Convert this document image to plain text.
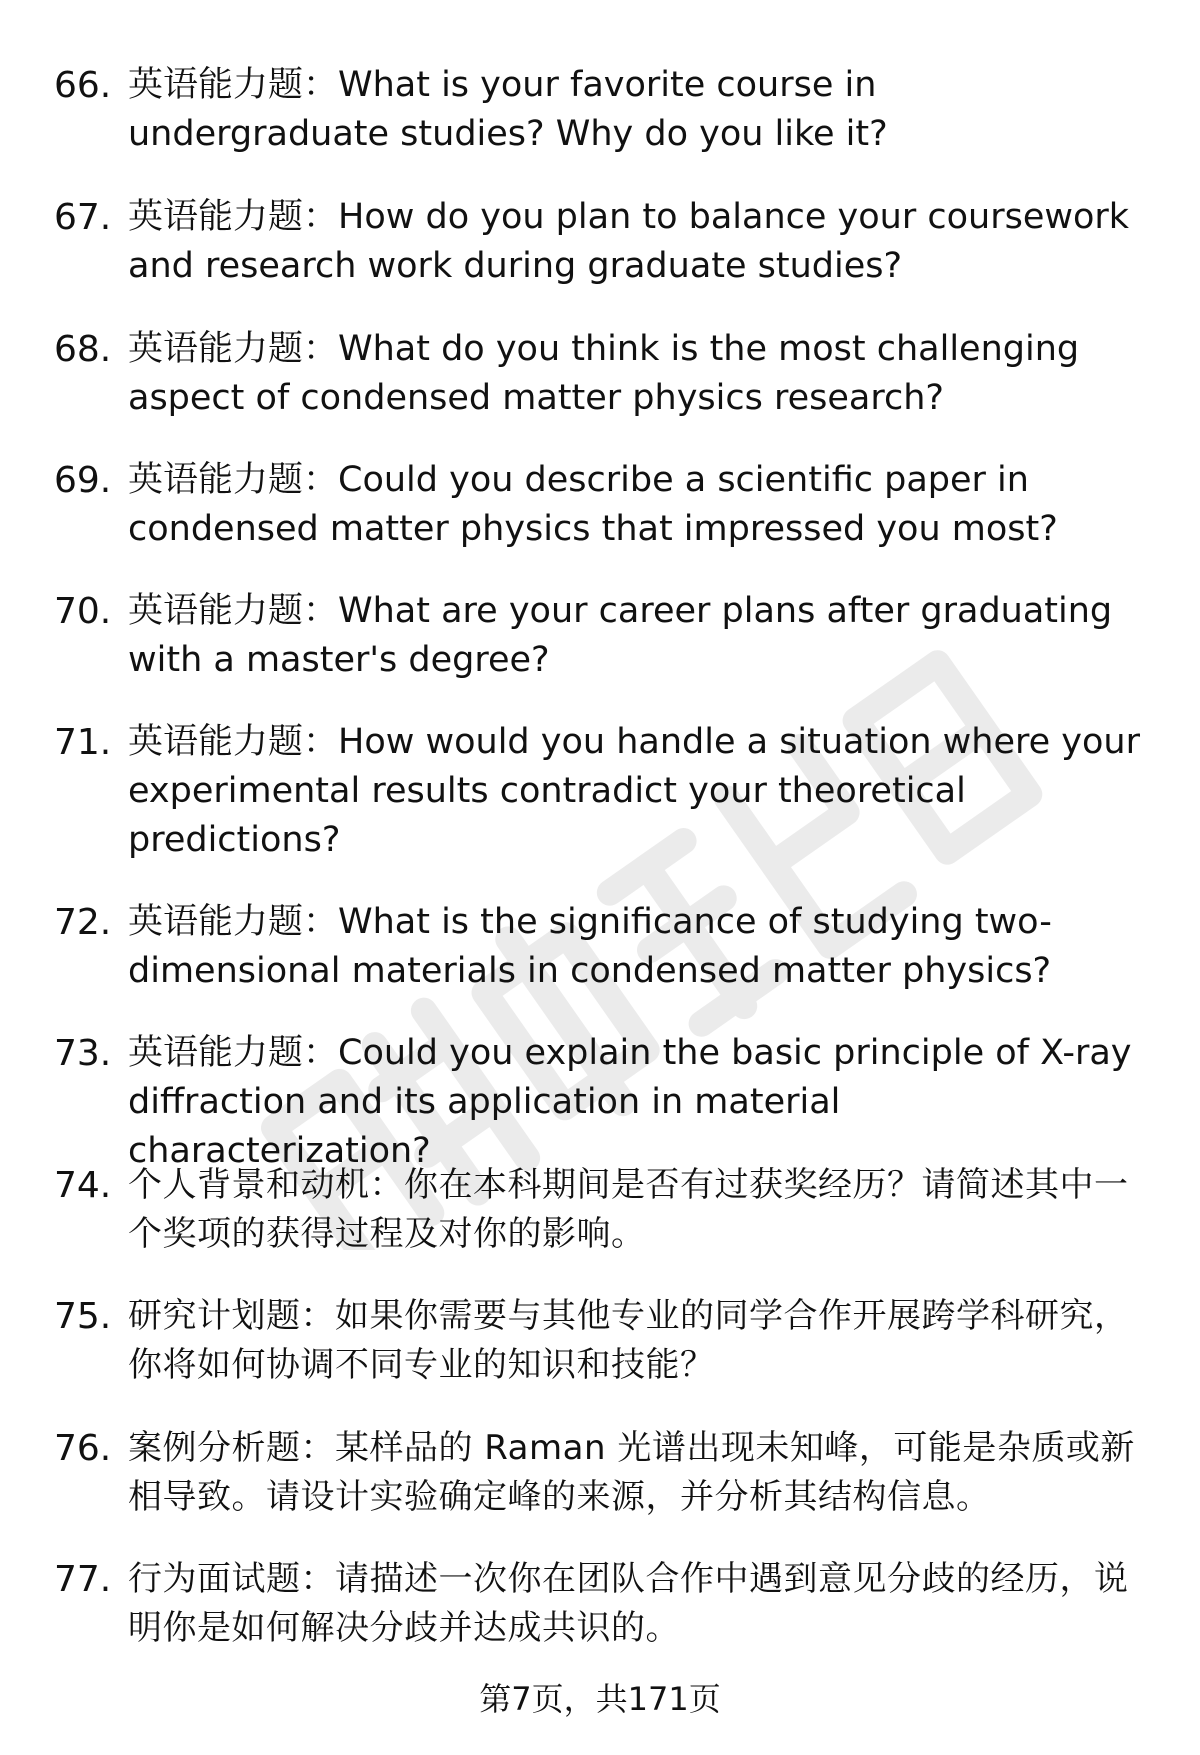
66. 英语能力题：What is your favorite course in undergraduate studies? Why do you like it?

67. 英语能力题：How do you plan to balance your coursework and research work during graduate studies?

68. 英语能力题：What do you think is the most challenging aspect of condensed matter physics research?

69. 英语能力题：Could you describe a scientific paper in condensed matter physics that impressed you most?

70. 英语能力题：What are your career plans after graduating with a master's degree?

71. 英语能力题：How would you handle a situation where your experimental results contradict your theoretical predictions?

72. 英语能力题：What is the significance of studying two-dimensional materials in condensed matter physics?

73. 英语能力题：Could you explain the basic principle of X-ray diffraction and its application in material characterization?

74. 个人背景和动机：你在本科期间是否有过获奖经历？请简述其中一个奖项的获得过程及对你的影响。

75. 研究计划题：如果你需要与其他专业的同学合作开展跨学科研究，你将如何协调不同专业的知识和技能？

76. 案例分析题：某样品的 Raman 光谱出现未知峰，可能是杂质或新相导致。请设计实验确定峰的来源，并分析其结构信息。

77. 行为面试题：请描述一次你在团队合作中遇到意见分歧的经历，说明你是如何解决分歧并达成共识的。

第7页，共171页
